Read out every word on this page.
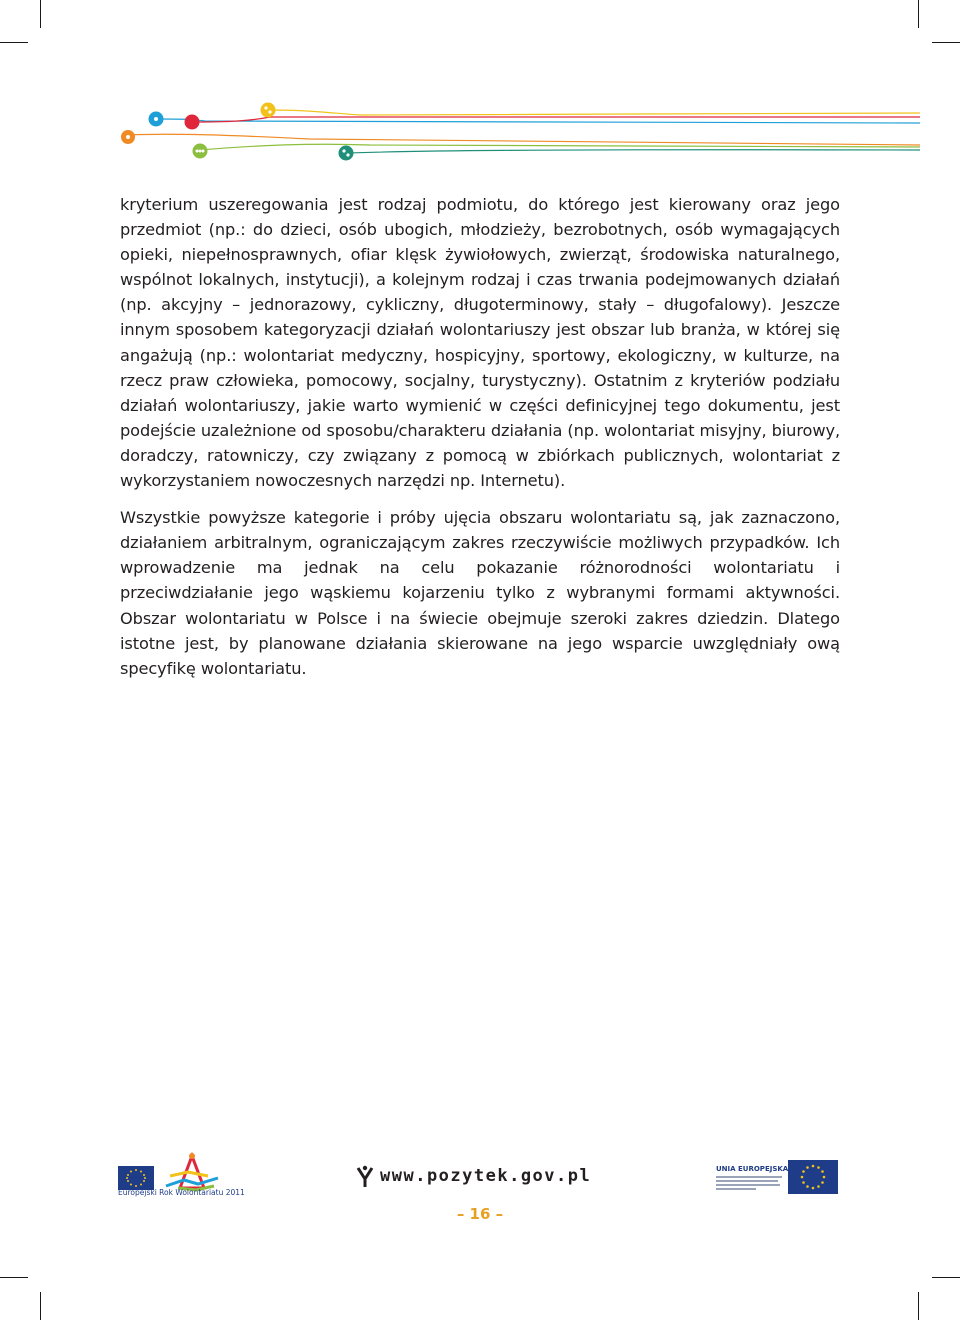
kryterium uszeregowania jest rodzaj podmiotu, do którego jest kierowany oraz jego przedmiot (np.: do dzieci, osób ubogich, młodzieży, bezrobotnych, osób wymagających opieki, niepełnosprawnych, ofiar klęsk żywiołowych, zwierząt, środowiska naturalnego, wspólnot lokalnych, instytucji), a kolejnym rodzaj i czas trwania podejmowanych działań (np. akcyjny – jednorazowy, cykliczny, długoterminowy, stały – długofalowy). Jeszcze innym sposobem kategoryzacji działań wolontariuszy jest obszar lub branża, w której się angażują (np.: wolontariat medyczny, hospicyjny, sportowy, ekologiczny, w kulturze, na rzecz praw człowieka, pomocowy, socjalny, turystyczny). Ostatnim z kryteriów podziału działań wolontariuszy, jakie warto wymienić w części definicyjnej tego dokumentu, jest podejście uzależnione od sposobu/charakteru działania (np. wolontariat misyjny, biurowy, doradczy, ratowniczy, czy związany z pomocą w zbiórkach publicznych, wolontariat z wykorzystaniem nowoczesnych narzędzi np. Internetu).

Wszystkie powyższe kategorie i próby ujęcia obszaru wolontariatu są, jak zaznaczono, działaniem arbitralnym, ograniczającym zakres rzeczywiście możliwych przypadków. Ich wprowadzenie ma jednak na celu pokazanie różnorodności wolontariatu i przeciwdziałanie jego wąskiemu kojarzeniu tylko z wybranymi formami aktywności. Obszar wolontariatu w Polsce i na świecie obejmuje szeroki zakres dziedzin. Dlatego istotne jest, by planowane działania skierowane na jego wsparcie uwzględniały ową specyfikę wolontariatu.

Europejski Rok Wolontariatu 2011
www.pozytek.gov.pl
– 16 –
UNIA EUROPEJSKA
